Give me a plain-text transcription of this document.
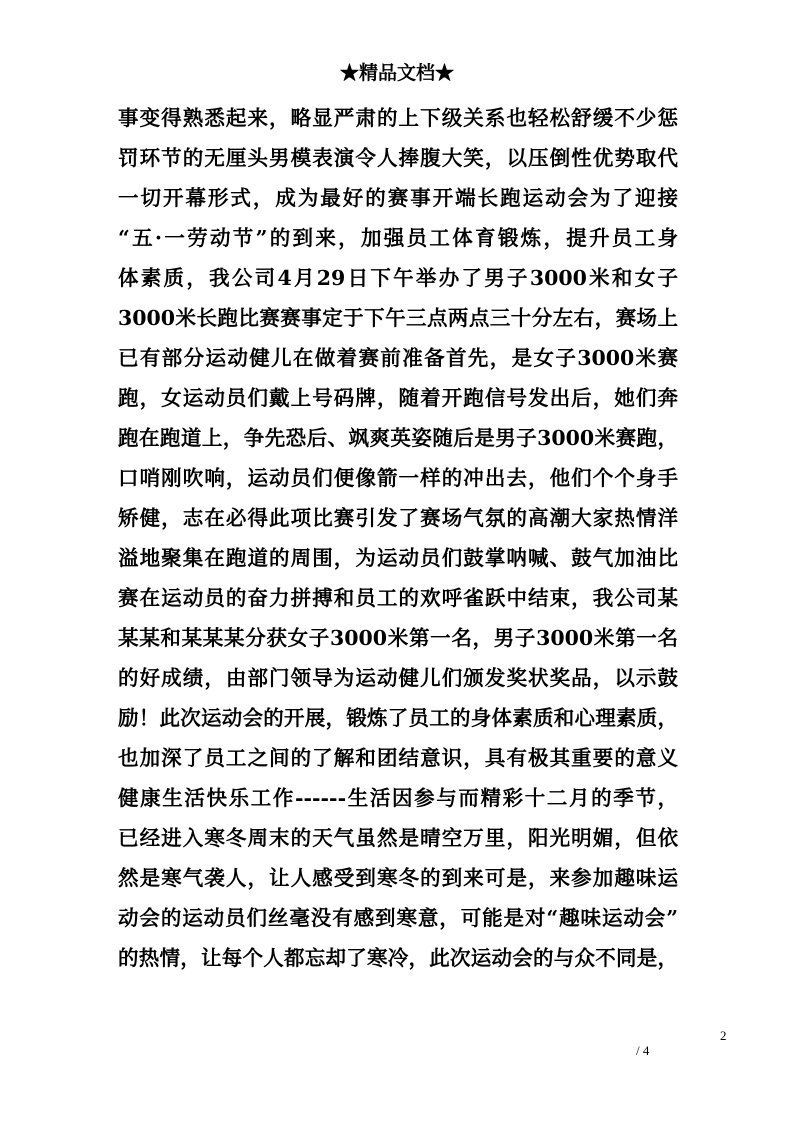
★精品文档★
事变得熟悉起来，略显严肃的上下级关系也轻松舒缓不少惩
罚环节的无厘头男模表演令人捧腹大笑，以压倒性优势取代
一切开幕形式，成为最好的赛事开端长跑运动会为了迎接
“五·一劳动节”的到来，加强员工体育锻炼，提升员工身
体素质，我公司4月29日下午举办了男子3000米和女子
3000米长跑比赛赛事定于下午三点两点三十分左右，赛场上
已有部分运动健儿在做着赛前准备首先，是女子3000米赛
跑，女运动员们戴上号码牌，随着开跑信号发出后，她们奔
跑在跑道上，争先恐后、飒爽英姿随后是男子3000米赛跑，
口哨刚吹响，运动员们便像箭一样的冲出去，他们个个身手
矫健，志在必得此项比赛引发了赛场气氛的高潮大家热情洋
溢地聚集在跑道的周围，为运动员们鼓掌呐喊、鼓气加油比
赛在运动员的奋力拼搏和员工的欢呼雀跃中结束，我公司某
某某和某某某分获女子3000米第一名，男子3000米第一名
的好成绩，由部门领导为运动健儿们颁发奖状奖品，以示鼓
励！此次运动会的开展，锻炼了员工的身体素质和心理素质，
也加深了员工之间的了解和团结意识，具有极其重要的意义
健康生活快乐工作------生活因参与而精彩十二月的季节，
已经进入寒冬周末的天气虽然是晴空万里，阳光明媚，但依
然是寒气袭人，让人感受到寒冬的到来可是，来参加趣味运
动会的运动员们丝毫没有感到寒意，可能是对“趣味运动会”
的热情，让每个人都忘却了寒冷，此次运动会的与众不同是，
2
/ 4
